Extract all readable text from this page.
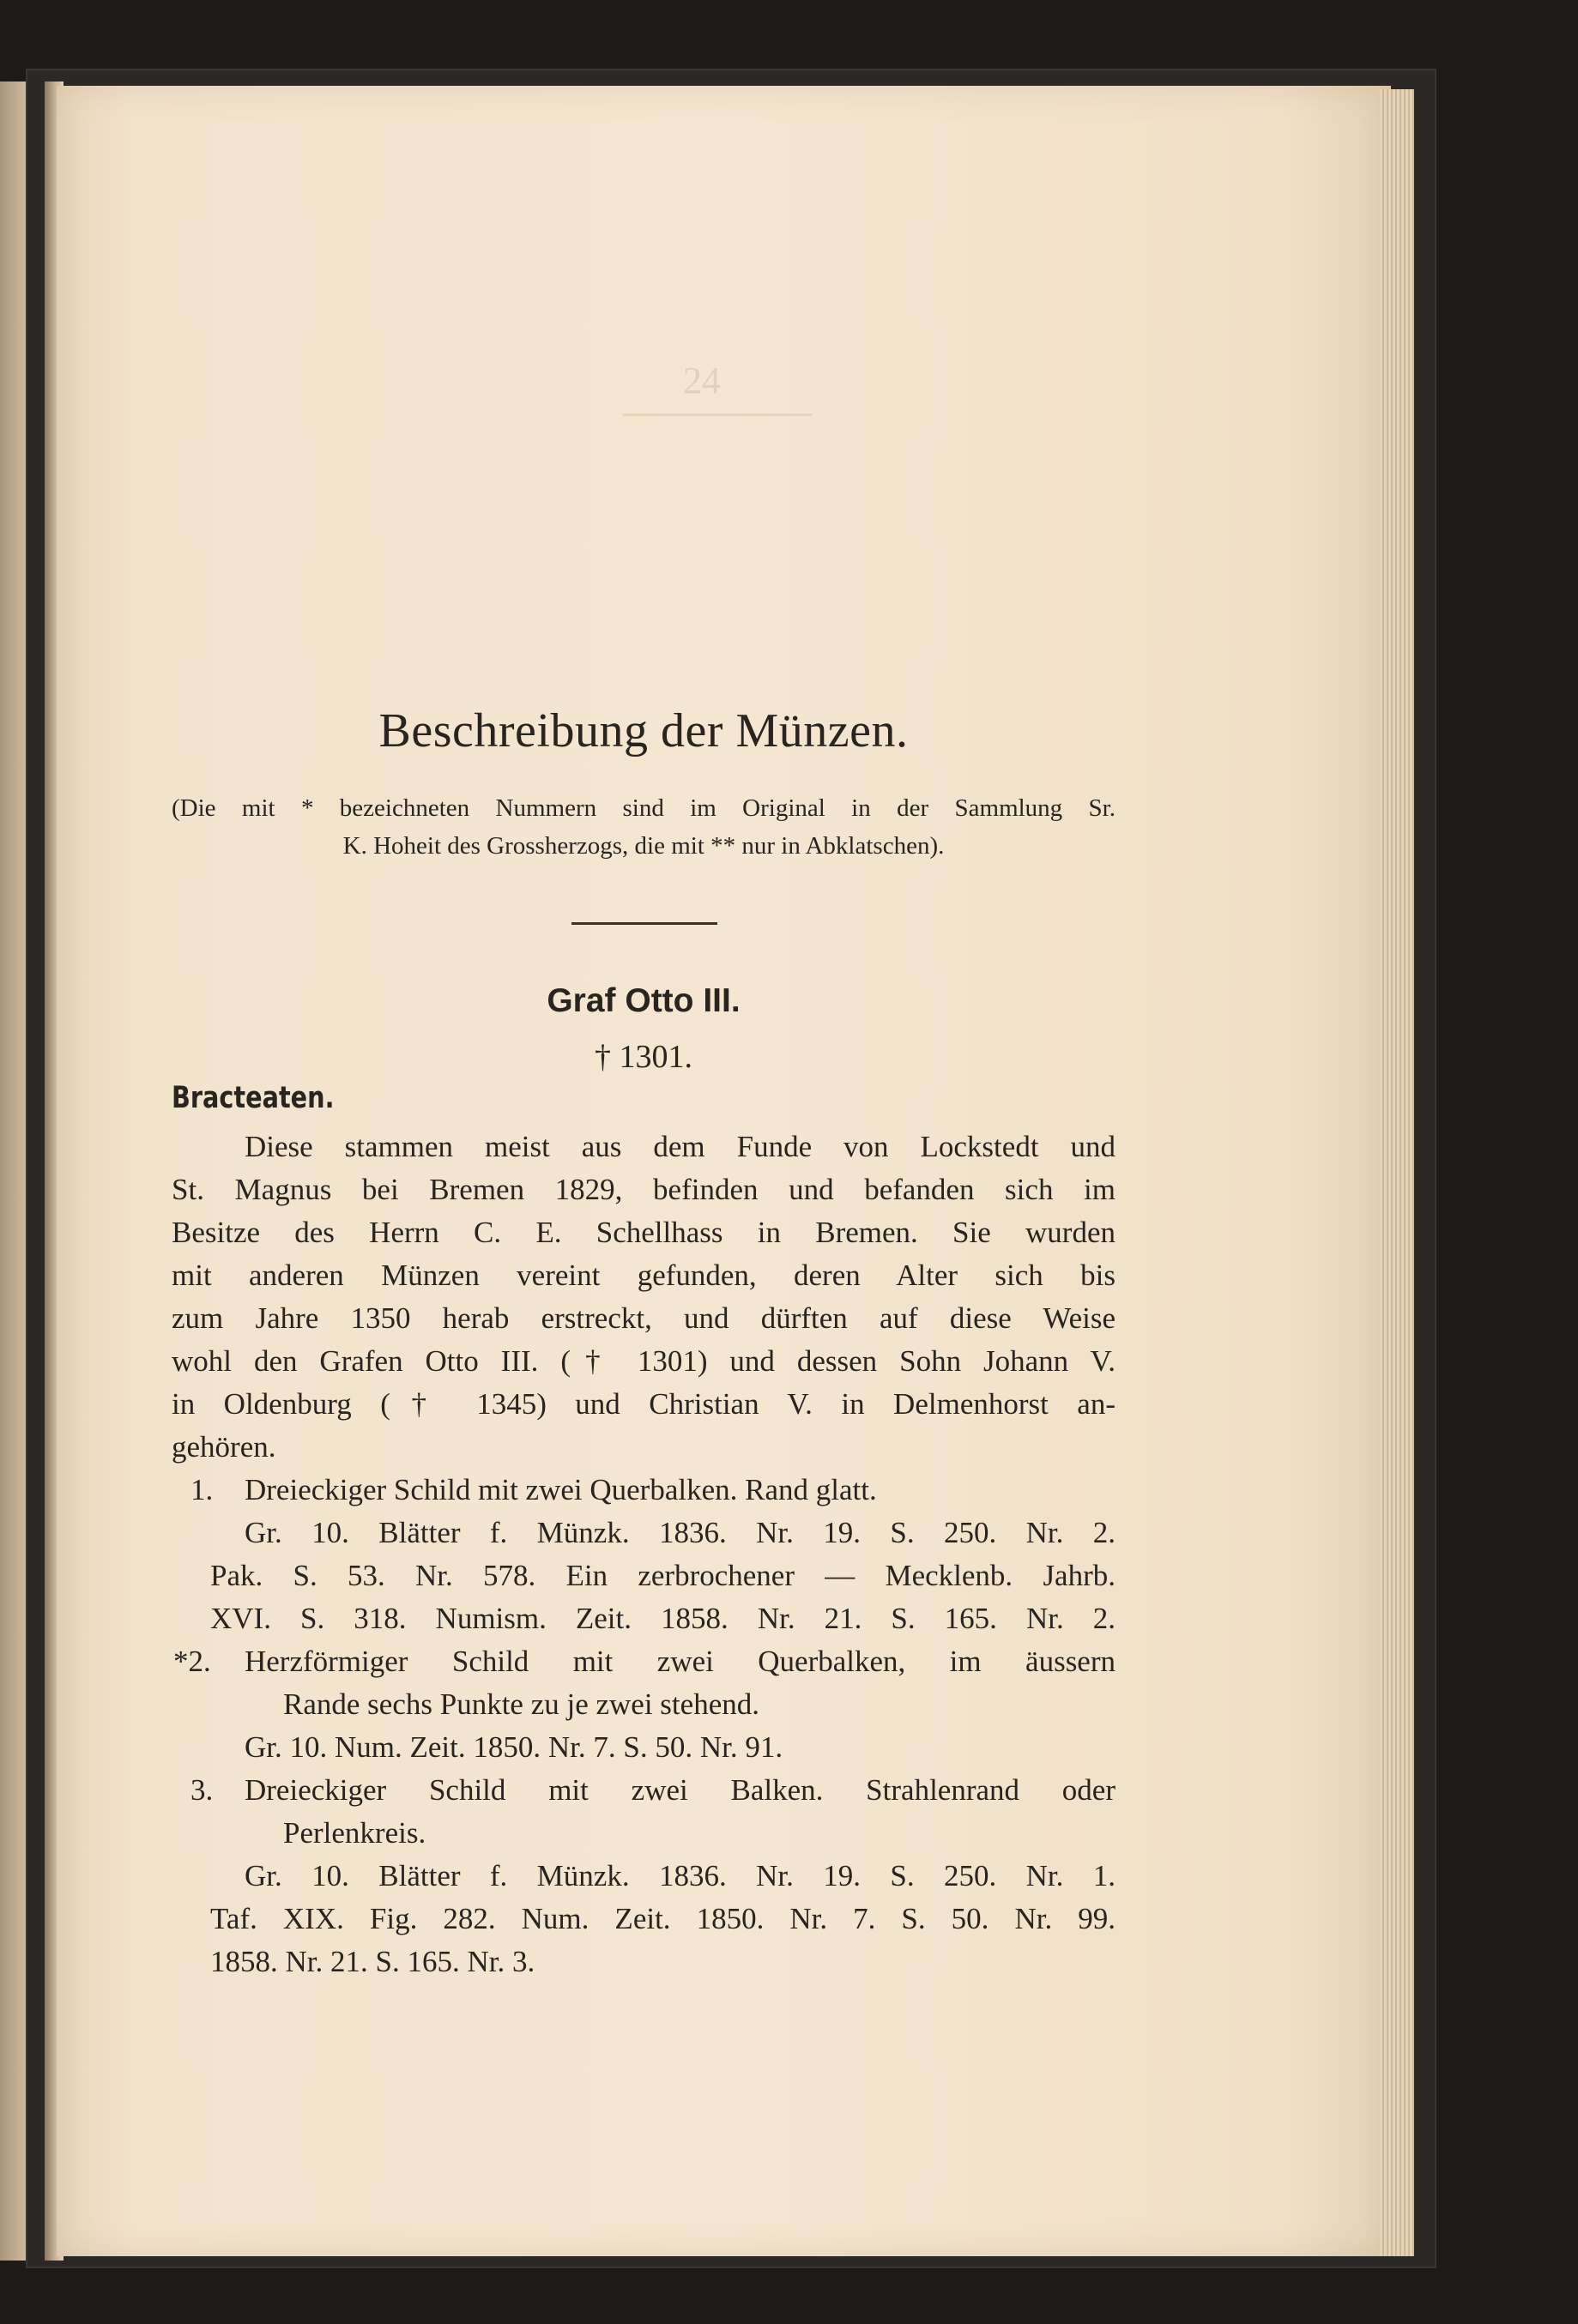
24
Beschreibung der Münzen.
(Die mit * bezeichneten Nummern sind im Original in der Sammlung Sr.
K. Hoheit des Grossherzogs, die mit ** nur in Abklatschen).
Graf Otto III.
† 1301.
Bracteaten.
Diese stammen meist aus dem Funde von Lockstedt und
St. Magnus bei Bremen 1829, befinden und befanden sich im
Besitze des Herrn C. E. Schellhass in Bremen. Sie wurden
mit anderen Münzen vereint gefunden, deren Alter sich bis
zum Jahre 1350 herab erstreckt, und dürften auf diese Weise
wohl den Grafen Otto III. († 1301) und dessen Sohn Johann V.
in Oldenburg († 1345) und Christian V. in Delmenhorst an-
gehören.
1. Dreieckiger Schild mit zwei Querbalken. Rand glatt.
Gr. 10. Blätter f. Münzk. 1836. Nr. 19. S. 250. Nr. 2.
Pak. S. 53. Nr. 578. Ein zerbrochener — Mecklenb. Jahrb.
XVI. S. 318. Numism. Zeit. 1858. Nr. 21. S. 165. Nr. 2.
*2. Herzförmiger Schild mit zwei Querbalken, im äussern
Rande sechs Punkte zu je zwei stehend.
Gr. 10. Num. Zeit. 1850. Nr. 7. S. 50. Nr. 91.
3. Dreieckiger Schild mit zwei Balken. Strahlenrand oder
Perlenkreis.
Gr. 10. Blätter f. Münzk. 1836. Nr. 19. S. 250. Nr. 1.
Taf. XIX. Fig. 282. Num. Zeit. 1850. Nr. 7. S. 50. Nr. 99.
1858. Nr. 21. S. 165. Nr. 3.
